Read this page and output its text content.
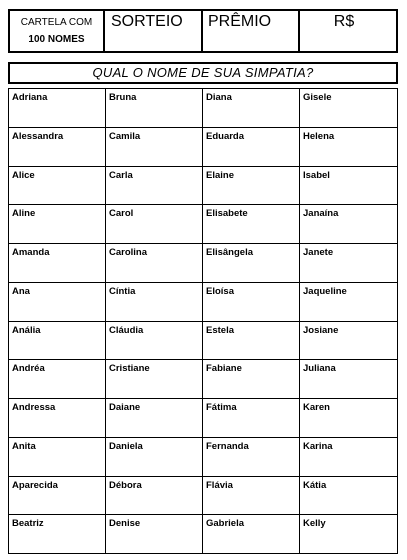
CARTELA COM
100 NOMES
SORTEIO	PRÊMIO	R$
QUAL O NOME DE SUA SIMPATIA?
Adriana	Bruna	Diana	Gisele
Alessandra	Camila	Eduarda	Helena
Alice	Carla	Elaine	Isabel
Aline	Carol	Elisabete	Janaína
Amanda	Carolina	Elisângela	Janete
Ana	Cíntia	Eloísa	Jaqueline
Anália	Cláudia	Estela	Josiane
Andréa	Cristiane	Fabiane	Juliana
Andressa	Daiane	Fátima	Karen
Anita	Daniela	Fernanda	Karina
Aparecida	Débora	Flávia	Kátia
Beatriz	Denise	Gabriela	Kelly
